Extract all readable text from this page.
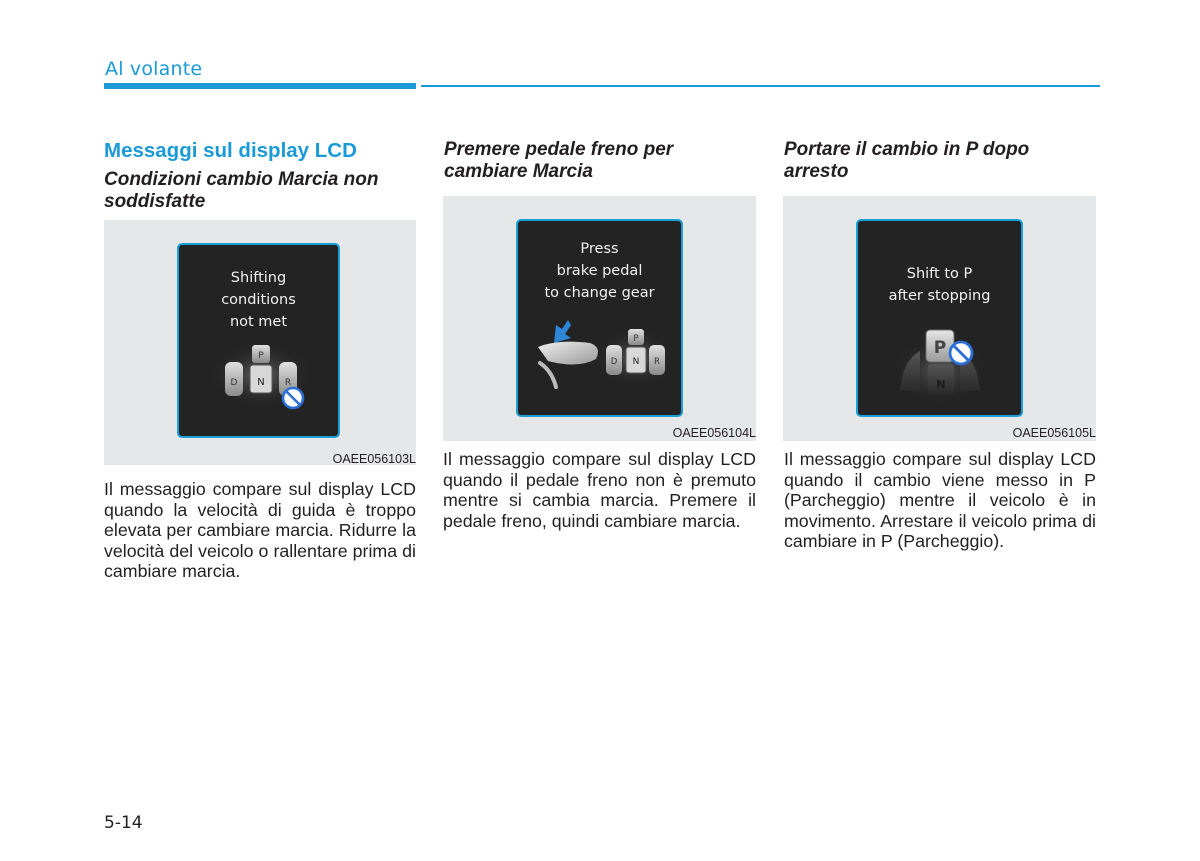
Al volante
Messaggi sul display LCD
Condizioni cambio Marcia non soddisfatte
Shifting
conditions
not met
P
D N R
OAEE056103L
Il messaggio compare sul display LCD quando la velocità di guida è troppo elevata per cambiare marcia. Ridurre la velocità del veicolo o rallentare prima di cambiare marcia.
Premere pedale freno per cambiare Marcia
Press
brake pedal
to change gear
P
D N R
OAEE056104L
Il messaggio compare sul display LCD quando il pedale freno non è premuto mentre si cambia marcia. Premere il pedale freno, quindi cambiare marcia.
Portare il cambio in P dopo arresto
Shift to P
after stopping
P
N
OAEE056105L
Il messaggio compare sul display LCD quando il cambio viene messo in P (Parcheggio) mentre il veicolo è in movimento. Arrestare il veicolo prima di cambiare in P (Parcheggio).
5-14
